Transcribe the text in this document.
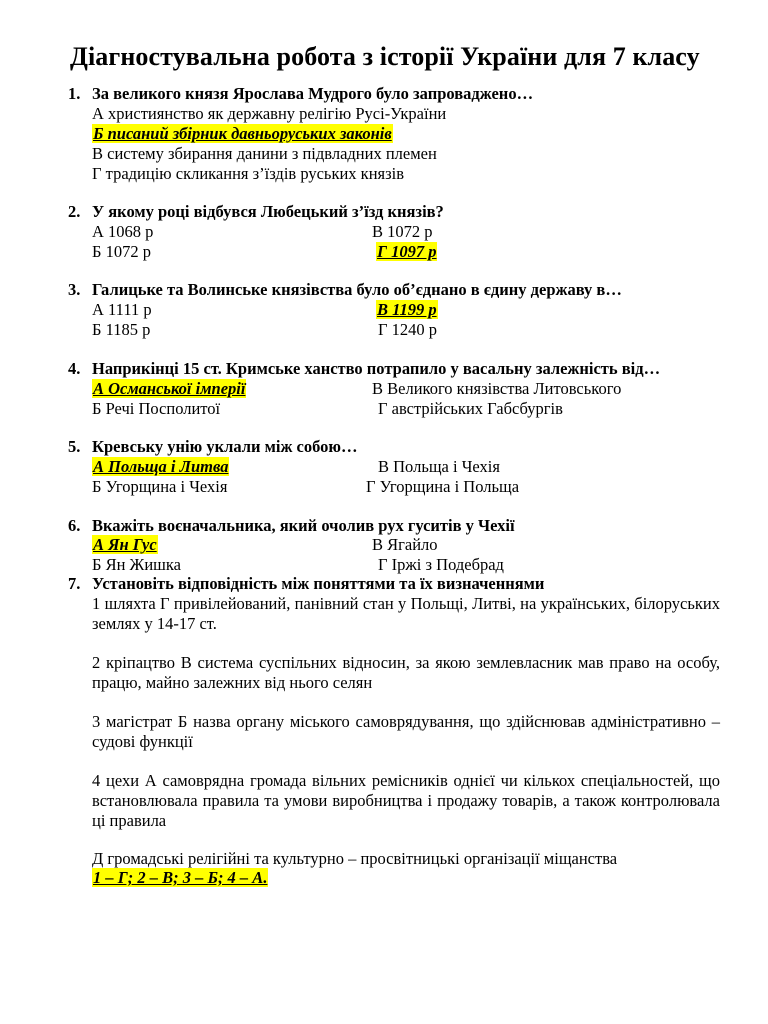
Діагностувальна робота з історії України для 7 класу
1. За великого князя Ярослава Мудрого було запроваджено…
А християнство як державну релігію Русі-України
Б писаний збірник давньоруських законів
В систему збирання данини з підвладних племен
Г традицію скликання з’їздів руських князів
2. У якому році відбувся Любецький з’їзд князів?
А 1068 р	В 1072 р
Б 1072 р	Г 1097 р
3. Галицьке та Волинське князівства було об’єднано в єдину державу в…
А 1111 р	В 1199 р
Б 1185 р	Г 1240 р
4. Наприкінці 15 ст. Кримське ханство потрапило у васальну залежність від…
А Османської імперії	В Великого князівства Литовського
Б Речі Посполитої	Г австрійських Габсбургів
5. Кревську унію уклали між собою…
А Польща і Литва	В Польща і Чехія
Б Угорщина і Чехія	Г Угорщина і Польща
6. Вкажіть воєначальника, який очолив рух гуситів у Чехії
А Ян Гус	В Ягайло
Б Ян Жишка	Г Іржі з Подебрад
7. Установіть відповідність між поняттями та їх визначеннями
1 шляхта Г привілейований, панівний стан у Польщі, Литві, на українських, білоруських землях у 14-17 ст.
2 кріпацтво В система суспільних відносин, за якою землевласник мав право на особу, працю, майно залежних від нього селян
3 магістрат Б назва органу міського самоврядування, що здійснював адміністративно – судові функції
4 цехи А самоврядна громада вільних ремісників однієї чи кількох спеціальностей, що встановлювала правила та умови виробництва і продажу товарів, а також контролювала ці правила
Д громадські релігійні та культурно – просвітницькі організації міщанства
1 – Г; 2 – В; 3 – Б; 4 – А.
